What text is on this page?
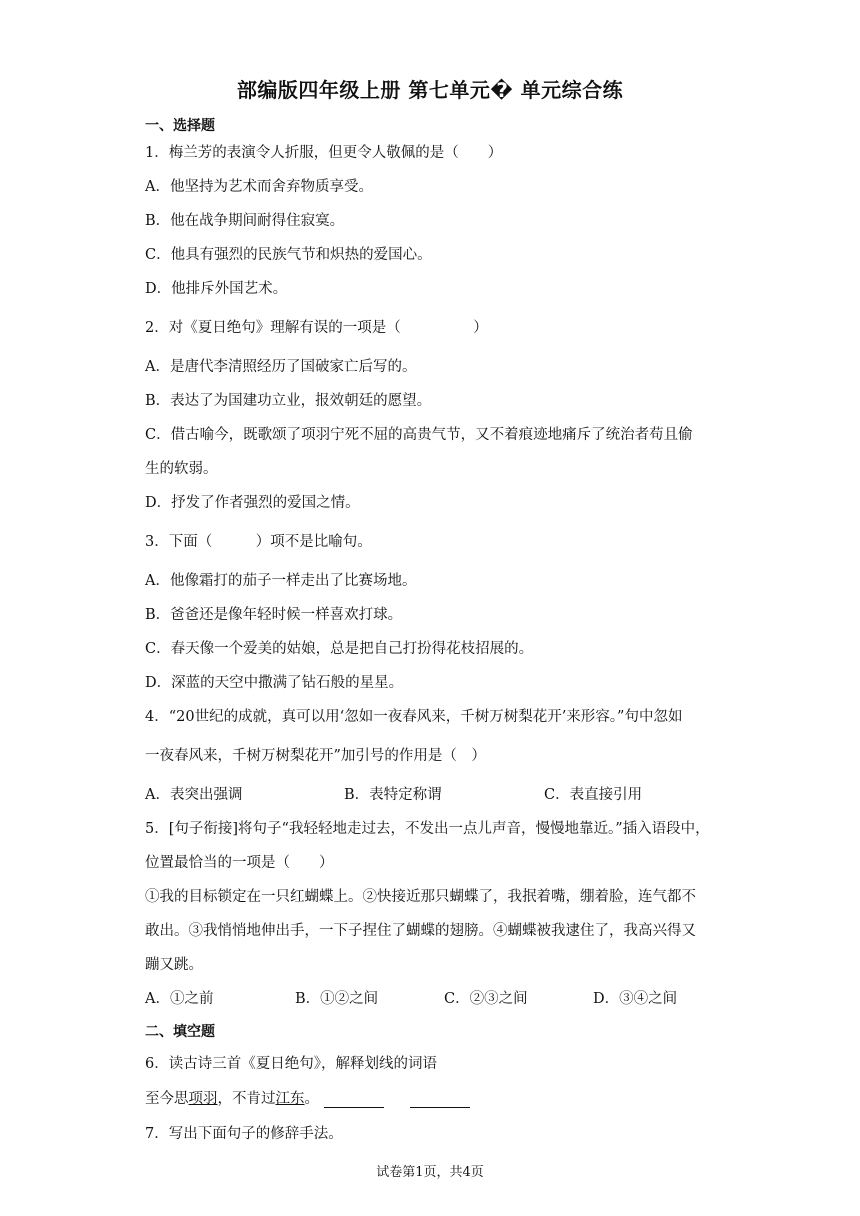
部编版四年级上册 第七单元� 单元综合练
一、选择题
1．梅兰芳的表演令人折服，但更令人敬佩的是（　　）
A．他坚持为艺术而舍弃物质享受。
B．他在战争期间耐得住寂寞。
C．他具有强烈的民族气节和炽热的爱国心。
D．他排斥外国艺术。
2．对《夏日绝句》理解有误的一项是（　　　　　）
A．是唐代李清照经历了国破家亡后写的。
B．表达了为国建功立业，报效朝廷的愿望。
C．借古喻今，既歌颂了项羽宁死不屈的高贵气节，又不着痕迹地痛斥了统治者苟且偷
生的软弱。
D．抒发了作者强烈的爱国之情。
3．下面（　　　）项不是比喻句。
A．他像霜打的茄子一样走出了比赛场地。
B．爸爸还是像年轻时候一样喜欢打球。
C．春天像一个爱美的姑娘，总是把自己打扮得花枝招展的。
D．深蓝的天空中撒满了钻石般的星星。
4．“20世纪的成就，真可以用‘忽如一夜春风来，千树万树梨花开’来形容。”句中忽如
一夜春风来，千树万树梨花开”加引号的作用是（　）
A．表突出强调	B．表特定称谓	C．表直接引用
5．[句子衔接]将句子“我轻轻地走过去，不发出一点儿声音，慢慢地靠近。”插入语段中，
位置最恰当的一项是（　　）
①我的目标锁定在一只红蝴蝶上。②快接近那只蝴蝶了，我抿着嘴，绷着脸，连气都不
敢出。③我悄悄地伸出手，一下子捏住了蝴蝶的翅膀。④蝴蝶被我逮住了，我高兴得又
蹦又跳。
A．①之前	B．①②之间	C．②③之间	D．③④之间
二、填空题
6．读古诗三首《夏日绝句》，解释划线的词语
至今思项羽，不肯过江东。
7．写出下面句子的修辞手法。
试卷第1页，共4页
